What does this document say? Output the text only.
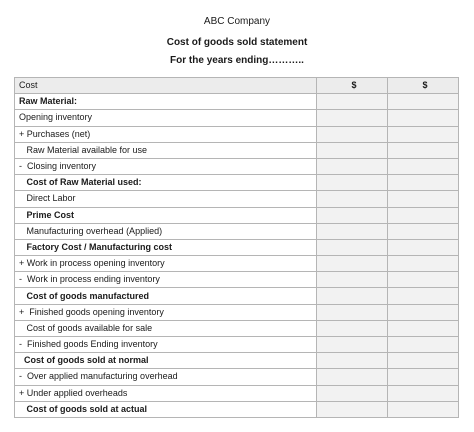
ABC Company
Cost of goods sold statement
For the years ending………..
Cost	$	$
Raw Material:		
Opening inventory		
+ Purchases (net)		
Raw Material available for use		
-  Closing inventory		
Cost of Raw Material used:		
Direct Labor		
Prime Cost		
Manufacturing overhead (Applied)		
Factory Cost / Manufacturing cost		
+ Work in process opening inventory		
-  Work in process ending inventory		
Cost of goods manufactured		
+  Finished goods opening inventory		
Cost of goods available for sale		
-  Finished goods Ending inventory		
Cost of goods sold at normal		
-  Over applied manufacturing overhead		
+ Under applied overheads		
Cost of goods sold at actual		
